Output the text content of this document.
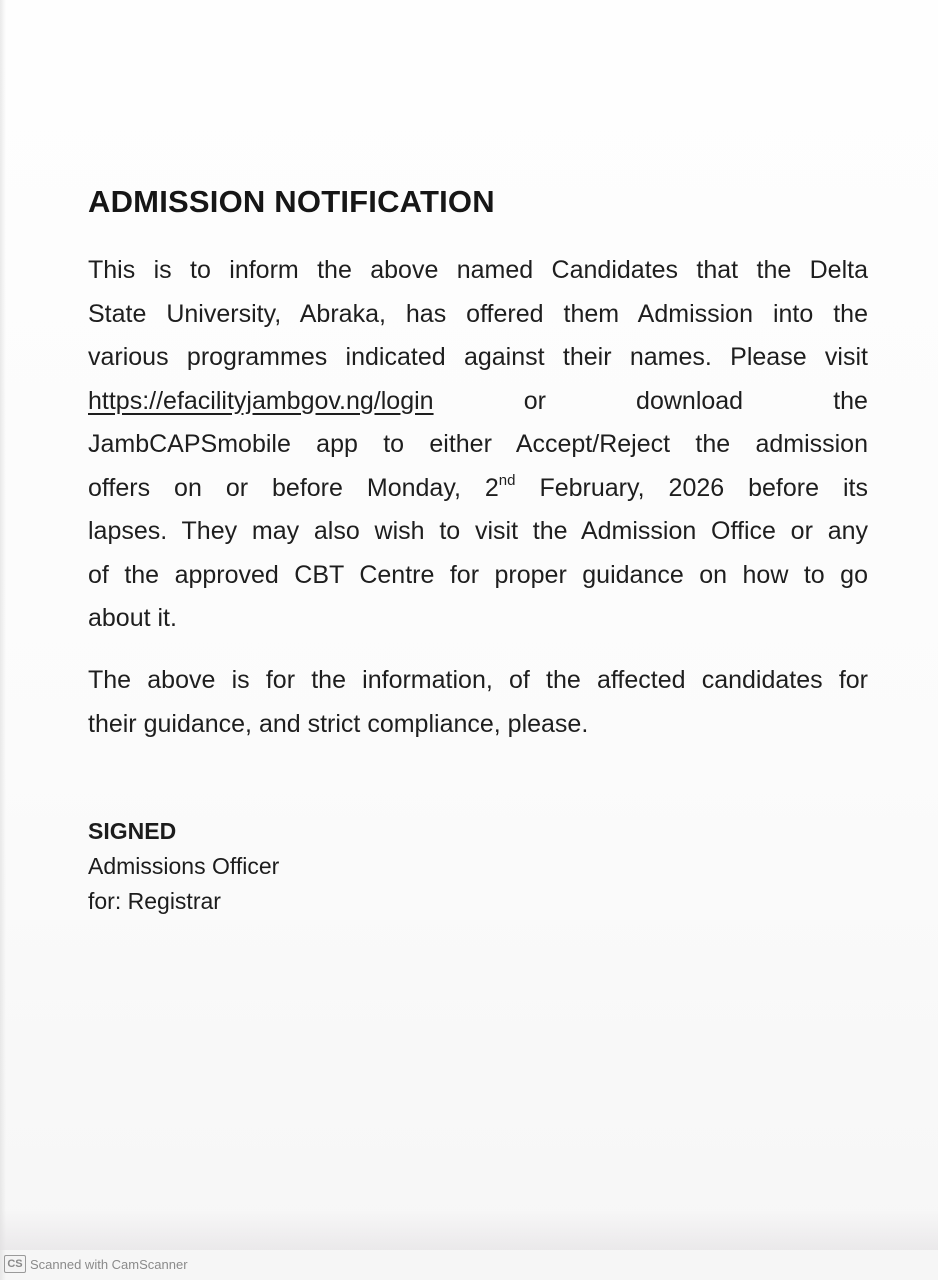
ADMISSION NOTIFICATION
This is to inform the above named Candidates that the Delta
State University, Abraka, has offered them Admission into the
various programmes indicated against their names. Please visit
https://efacilityjambgov.ng/login	or	download	the
JambCAPSmobile app to either Accept/Reject the admission
offers on or before Monday, 2nd February, 2026 before its
lapses. They may also wish to visit the Admission Office or any
of the approved CBT Centre for proper guidance on how to go
about it.
The above is for the information, of the affected candidates for
their guidance, and strict compliance, please.
SIGNED
Admissions Officer
for: Registrar
CS Scanned with CamScanner
